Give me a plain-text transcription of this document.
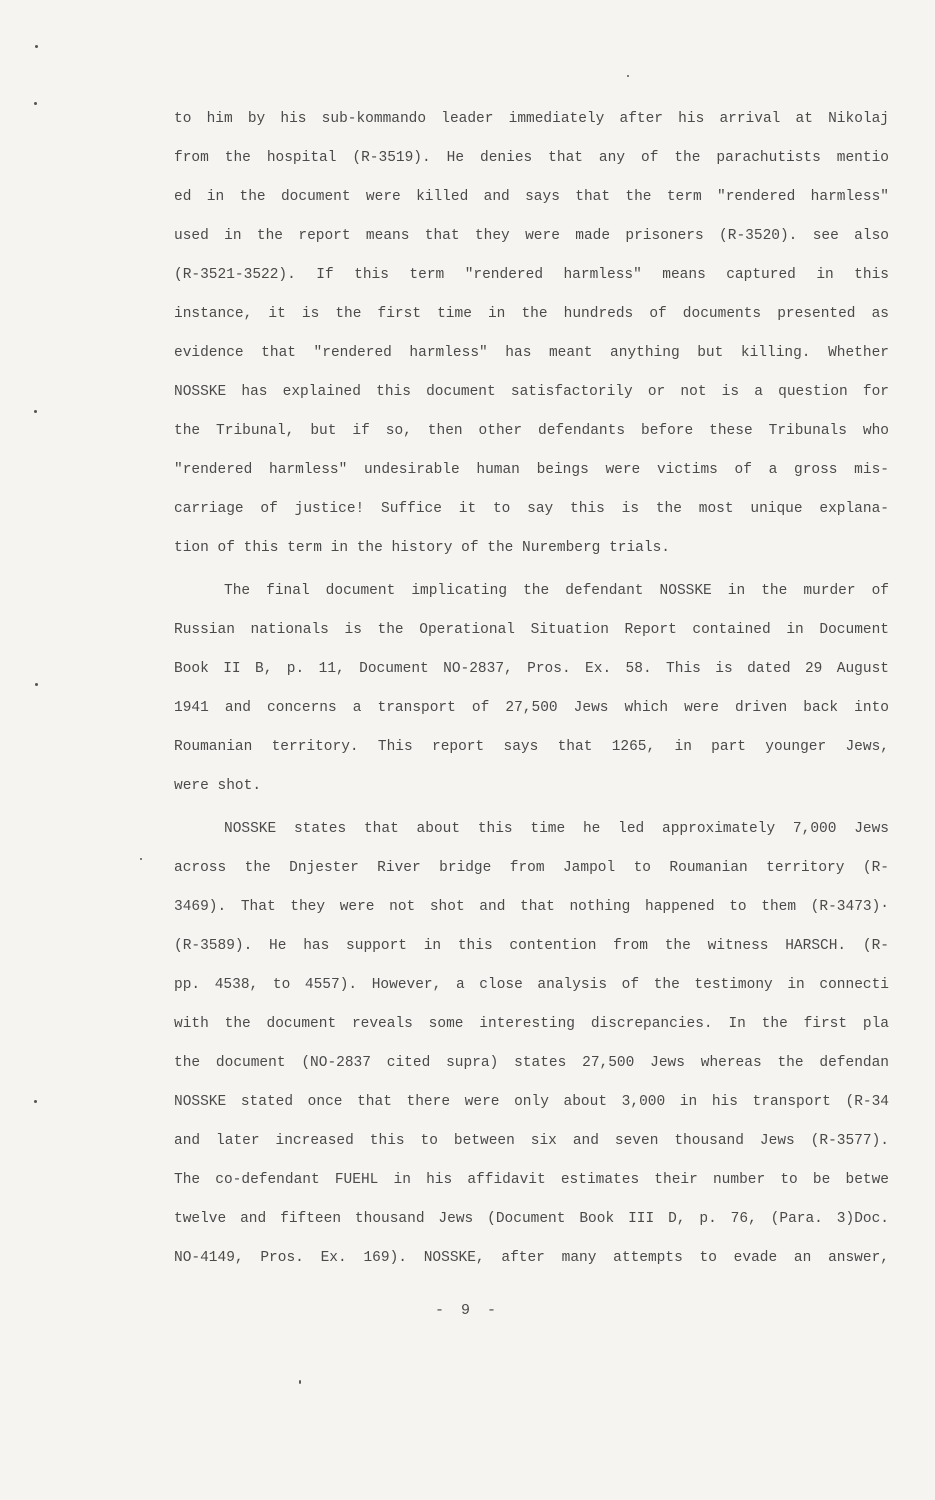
to him by his sub-kommando leader immediately after his arrival at Nikolaj
from the hospital (R-3519). He denies that any of the parachutists mentio
ed in the document were killed and says that the term "rendered harmless"
used in the report means that they were made prisoners (R-3520). see also
(R-3521-3522). If this term "rendered harmless" means captured in this
instance, it is the first time in the hundreds of documents presented as
evidence that "rendered harmless" has meant anything but killing. Whether
NOSSKE has explained this document satisfactorily or not is a question for
the Tribunal, but if so, then other defendants before these Tribunals who
"rendered harmless" undesirable human beings were victims of a gross mis-
carriage of justice! Suffice it to say this is the most unique explana-
tion of this term in the history of the Nuremberg trials.
The final document implicating the defendant NOSSKE in the murder of
Russian nationals is the Operational Situation Report contained in Document
Book II B, p. 11, Document NO-2837, Pros. Ex. 58. This is dated 29 August
1941 and concerns a transport of 27,500 Jews which were driven back into
Roumanian territory. This report says that 1265, in part younger Jews,
were shot.
NOSSKE states that about this time he led approximately 7,000 Jews
across the Dnjester River bridge from Jampol to Roumanian territory (R-
3469). That they were not shot and that nothing happened to them (R-3473)·
(R-3589). He has support in this contention from the witness HARSCH. (R-
pp. 4538, to 4557). However, a close analysis of the testimony in connecti
with the document reveals some interesting discrepancies. In the first pla
the document (NO-2837 cited supra) states 27,500 Jews whereas the defendan
NOSSKE stated once that there were only about 3,000 in his transport (R-34
and later increased this to between six and seven thousand Jews (R-3577).
The co-defendant FUEHL in his affidavit estimates their number to be betwe
twelve and fifteen thousand Jews (Document Book III D, p. 76, (Para. 3)Doc.
NO-4149, Pros. Ex. 169). NOSSKE, after many attempts to evade an answer,
- 9 -
